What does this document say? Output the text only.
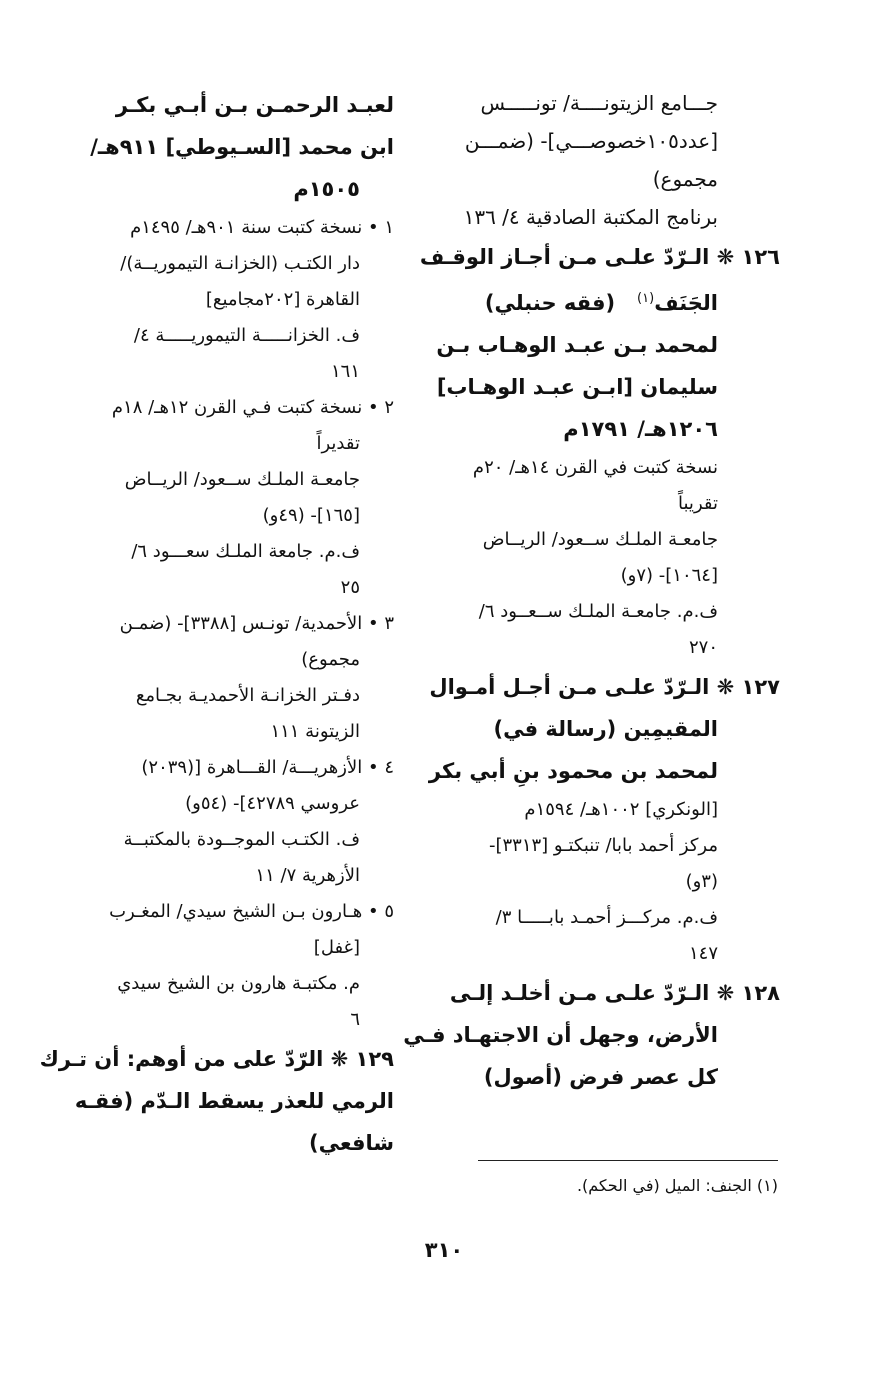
جـــامع الزيتونــــة/ تونـــــس
[عدد١٠٥خصوصـــي]- (ضمـــن
مجموع)
برنامج المكتبة الصادقية ٤/ ١٣٦
١٢٦ ❋ الـرّدّ علـى مـن أجـاز الوقـف
الجَنَف$^{(١)}$   (فقه حنبلي)
لمحمد بـن عبـد الوهـاب بـن
سليمان [ابـن عبـد الوهـاب]
١٢٠٦هـ/ ١٧٩١م
نسخة كتبت في القرن ١٤هـ/ ٢٠م
تقريباً
جامعـة الملـك ســعود/ الريــاض
[١٠٦٤]- (٧و)
ف.م. جامعـة الملـك ســعــود ٦/
٢٧٠
١٢٧ ❋ الـرّدّ علـى مـن أجـل أمـوال
المقيمِين (رسالة في)
لمحمد بن محمود بنِ أبي بكر
[الونكري] ١٠٠٢هـ/ ١٥٩٤م
مركز أحمد بابا/ تنبكتـو [٣٣١٣]-
(٣و)
ف.م. مركـــز أحمـد بابـــــا ٣/
١٤٧
١٢٨ ❋ الـرّدّ علـى مـن أخلـد إلـى
الأرض، وجهل أن الاجتهـاد فـي
كل عصر فرض (أصول)
لعبـد الرحمـن بـن أبـي بكـر
ابن محمد [السـيوطي] ٩١١هـ/
١٥٠٥م
١ • نسخة كتبت سنة ٩٠١هـ/ ١٤٩٥م
دار الكتـب (الخزانـة التيموريــة)/
القاهرة [٢٠٢مجاميع]
ف. الخزانـــــة التيموريـــــة ٤/
١٦١
٢ • نسخة كتبت فـي القرن ١٢هـ/ ١٨م
تقديراً
جامعـة الملـك ســعود/ الريــاض
[١٦٥]- (٤٩و)
ف.م. جامعة الملـك سعـــود ٦/
٢٥
٣ • الأحمدية/ تونـس [٣٣٨٨]- (ضمـن
مجموع)
دفـتر الخزانـة الأحمديـة بجـامع
الزيتونة ١١١
٤ • الأزهريـــة/ القـــاهرة [(٢٠٣٩)
عروسي ٤٢٧٨٩]- (٥٤و)
ف. الكتـب الموجــودة بالمكتبــة
الأزهرية ٧/ ١١
٥ • هـارون بـن الشيخ سيدي/ المغـرب
[غفل]
م. مكتبـة هارون بن الشيخ سيدي
٦
١٢٩ ❋ الرّدّ على من أوهم: أن تـرك
الرمي للعذر يسقط الـدّم (فقـه
شافعي)
(١) الجنف: الميل (في الحكم).
٣١٠
